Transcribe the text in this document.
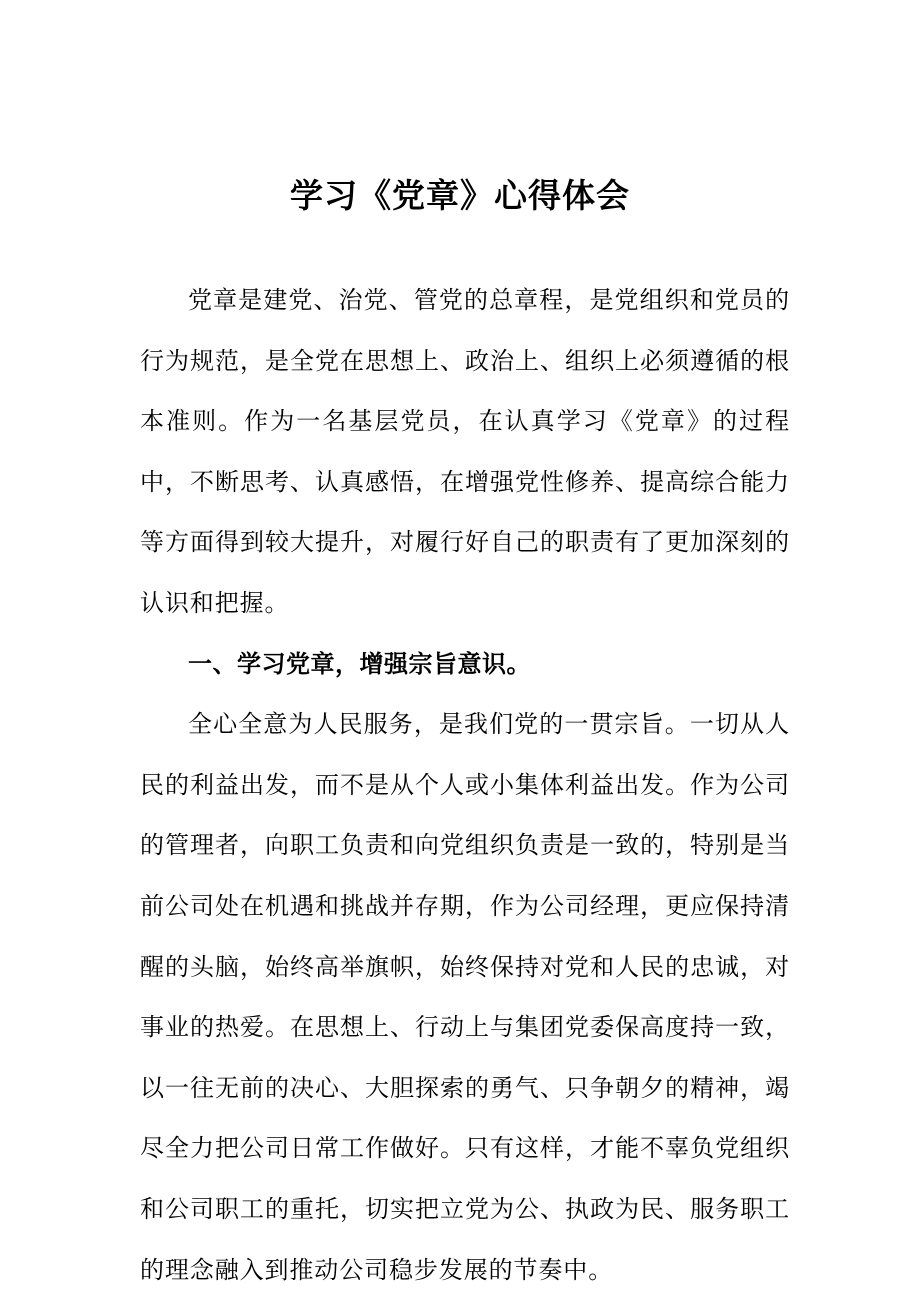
学习《党章》心得体会

党章是建党、治党、管党的总章程，是党组织和党员的行为规范，是全党在思想上、政治上、组织上必须遵循的根本准则。作为一名基层党员，在认真学习《党章》的过程中，不断思考、认真感悟，在增强党性修养、提高综合能力等方面得到较大提升，对履行好自己的职责有了更加深刻的认识和把握。

一、学习党章，增强宗旨意识。

全心全意为人民服务，是我们党的一贯宗旨。一切从人民的利益出发，而不是从个人或小集体利益出发。作为公司的管理者，向职工负责和向党组织负责是一致的，特别是当前公司处在机遇和挑战并存期，作为公司经理，更应保持清醒的头脑，始终高举旗帜，始终保持对党和人民的忠诚，对事业的热爱。在思想上、行动上与集团党委保高度持一致，以一往无前的决心、大胆探索的勇气、只争朝夕的精神，竭尽全力把公司日常工作做好。只有这样，才能不辜负党组织和公司职工的重托，切实把立党为公、执政为民、服务职工的理念融入到推动公司稳步发展的节奏中。
